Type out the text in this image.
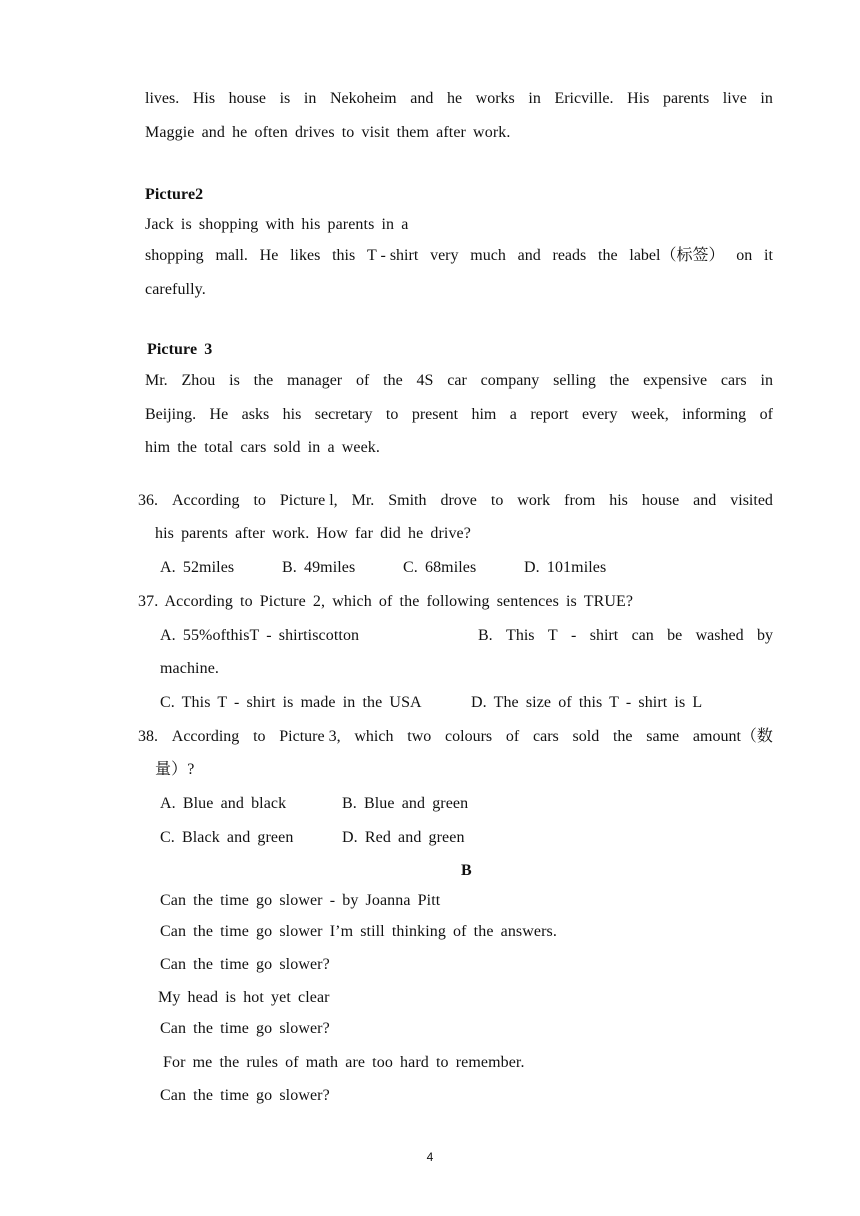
lives. His house is in Nekoheim and he works in Ericville. His parents live in
Maggie and he often drives to visit them after work.
Picture2
Jack is shopping with his parents in a
shopping mall. He likes this T - shirt very much and reads the label（标签） on it
carefully.
Picture 3
Mr. Zhou is the manager of the 4S car company selling the expensive cars in
Beijing. He asks his secretary to present him a report every week, informing of
him the total cars sold in a week.
36. According to Picture l, Mr. Smith drove to work from his house and visited
his parents after work. How far did he drive?
A. 52miles	B. 49miles	C. 68miles	D. 101miles
37. According to Picture 2, which of the following sentences is TRUE?
A. 55%ofthisT - shirtiscotton	B. This T - shirt can be washed by
machine.
C. This T - shirt is made in the USA	D. The size of this T - shirt is L
38. According to Picture 3, which two colours of cars sold the same amount（数
量）?
A. Blue and black	B. Blue and green
C. Black and green	D. Red and green
B
Can the time go slower - by Joanna Pitt
Can the time go slower I’m still thinking of the answers.
Can the time go slower?
My head is hot yet clear
Can the time go slower?
For me the rules of math are too hard to remember.
Can the time go slower?
4
